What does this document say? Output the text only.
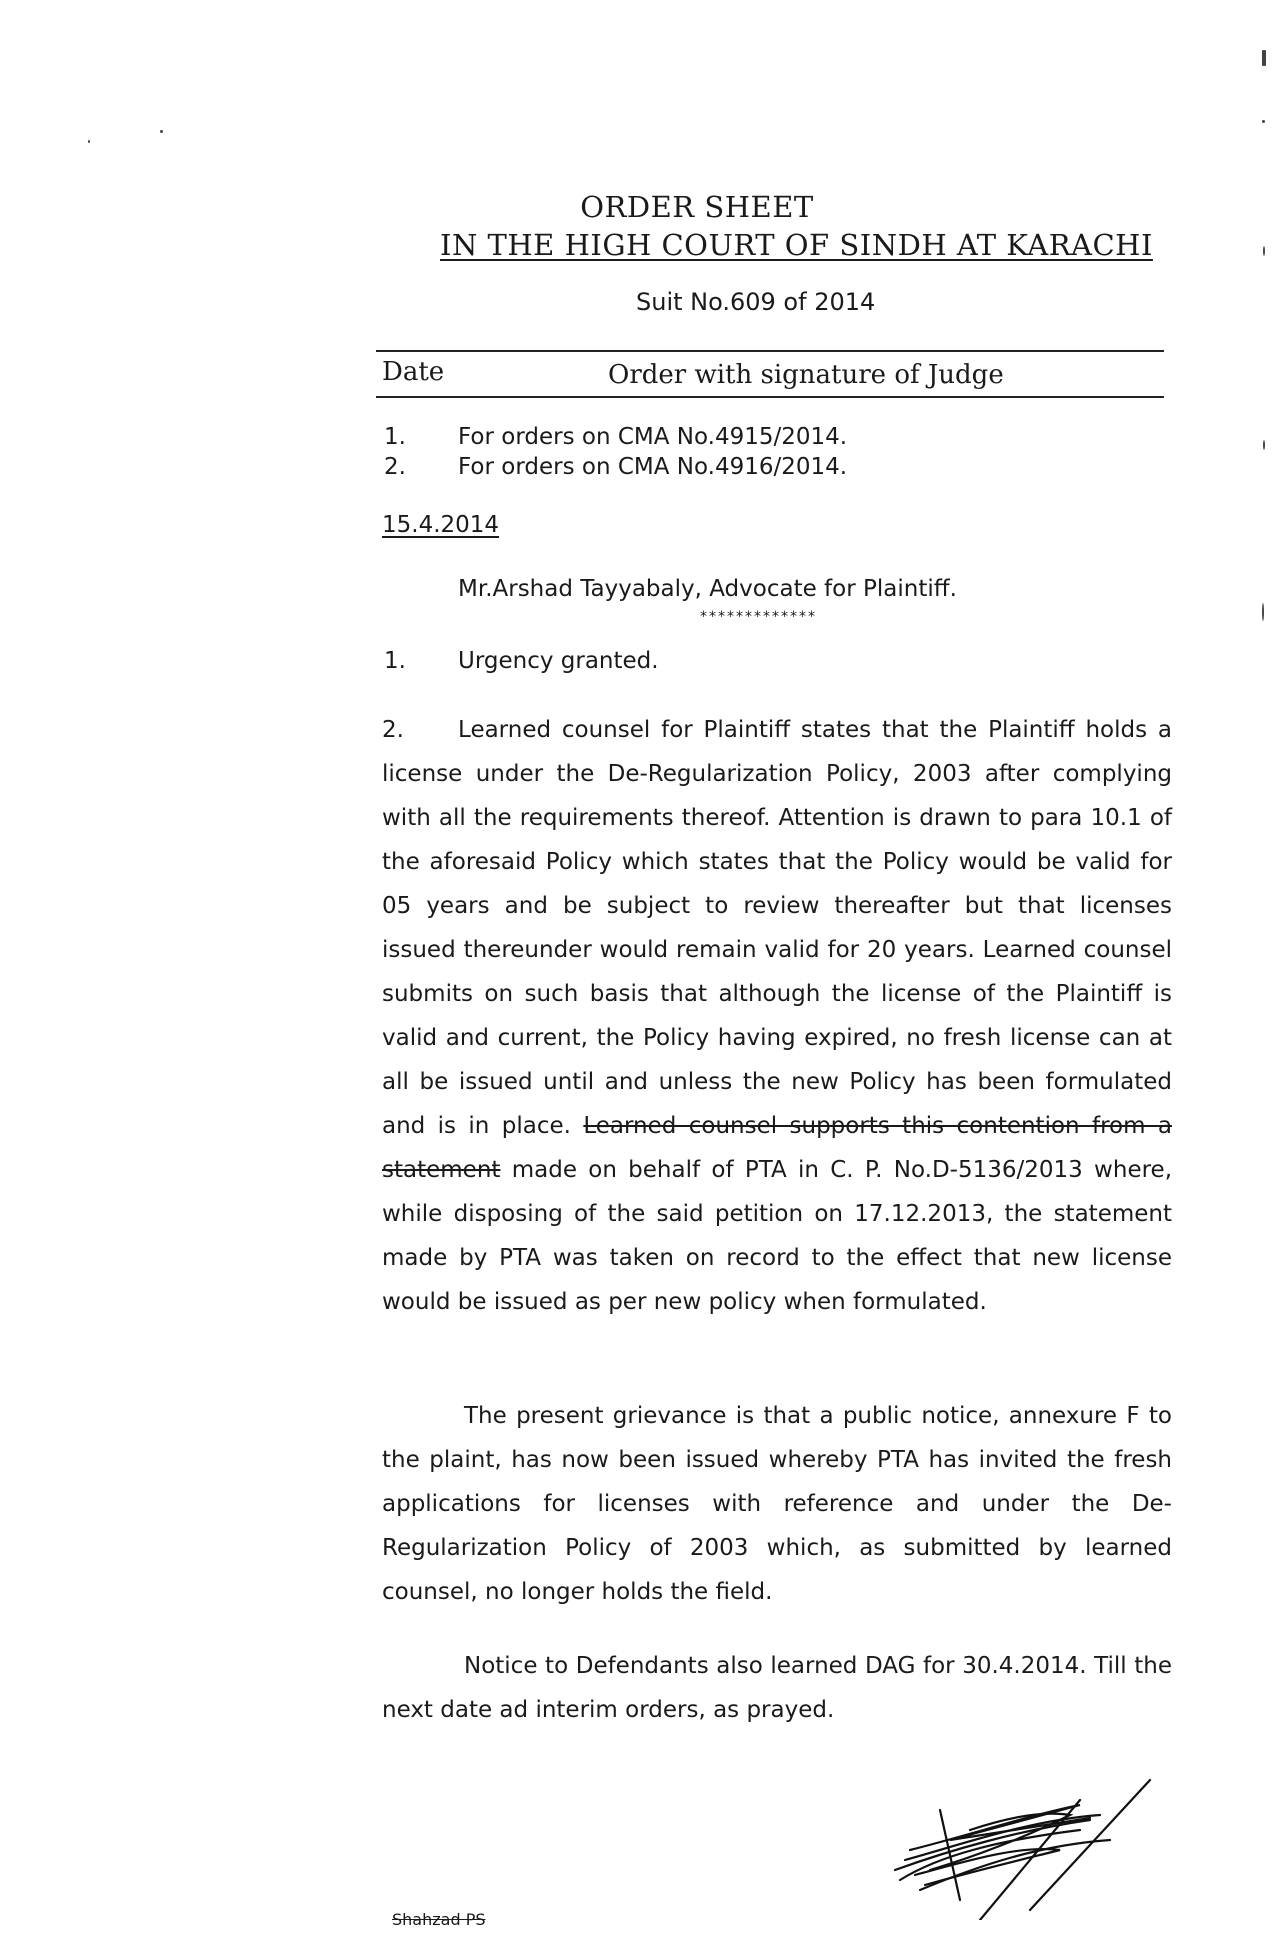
ORDER SHEET
IN THE HIGH COURT OF SINDH AT KARACHI
Suit No.609 of 2014
Date	Order with signature of Judge
1. For orders on CMA No.4915/2014.
2. For orders on CMA No.4916/2014.
15.4.2014
Mr.Arshad Tayyabaly, Advocate for Plaintiff.
*************
1. Urgency granted.

2. Learned counsel for Plaintiff states that the Plaintiff holds a license under the De-Regularization Policy, 2003 after complying with all the requirements thereof. Attention is drawn to para 10.1 of the aforesaid Policy which states that the Policy would be valid for 05 years and be subject to review thereafter but that licenses issued thereunder would remain valid for 20 years. Learned counsel submits on such basis that although the license of the Plaintiff is valid and current, the Policy having expired, no fresh license can at all be issued until and unless the new Policy has been formulated and is in place. Learned counsel supports this contention from a statement made on behalf of PTA in C. P. No.D-5136/2013 where, while disposing of the said petition on 17.12.2013, the statement made by PTA was taken on record to the effect that new license would be issued as per new policy when formulated.

The present grievance is that a public notice, annexure F to the plaint, has now been issued whereby PTA has invited the fresh applications for licenses with reference and under the De-Regularization Policy of 2003 which, as submitted by learned counsel, no longer holds the field.
Notice to Defendants also learned DAG for 30.4.2014. Till the next date ad interim orders, as prayed.
Shahzad PS
